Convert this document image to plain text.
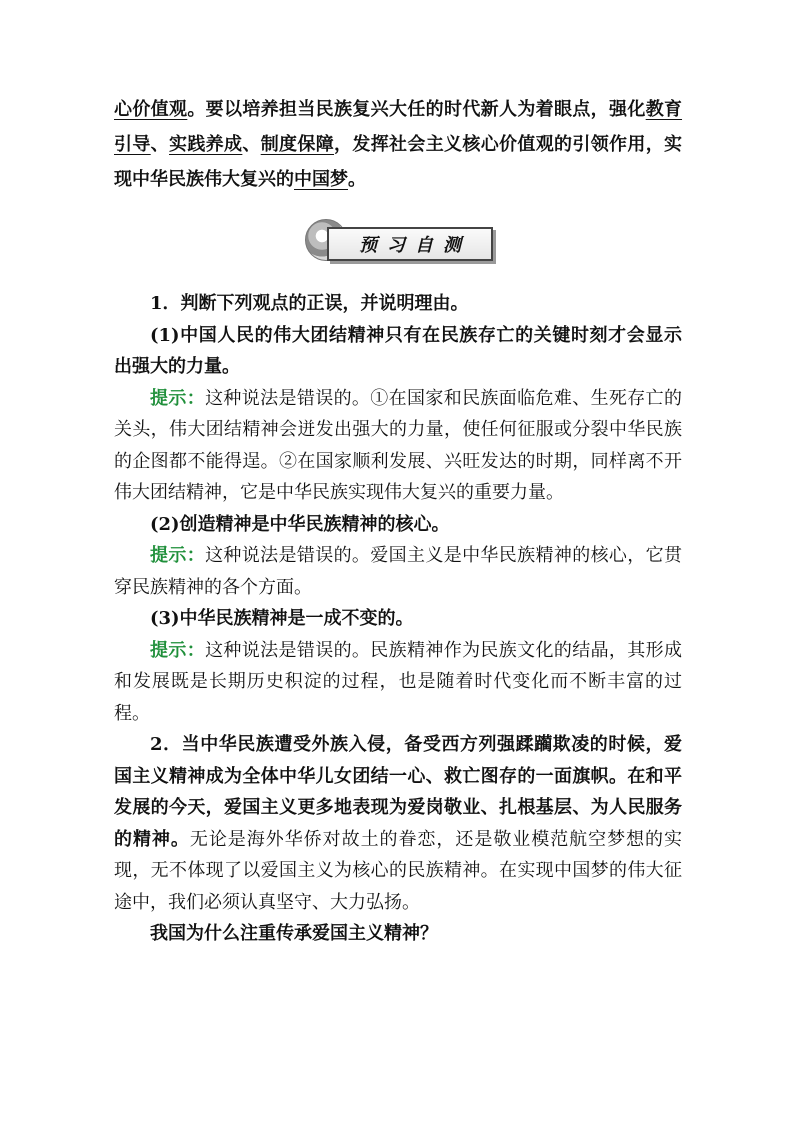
心价值观。要以培养担当民族复兴大任的时代新人为着眼点，强化教育引导、实践养成、制度保障，发挥社会主义核心价值观的引领作用，实现中华民族伟大复兴的中国梦。

预习自测

1．判断下列观点的正误，并说明理由。

(1)中国人民的伟大团结精神只有在民族存亡的关键时刻才会显示出强大的力量。

提示：这种说法是错误的。①在国家和民族面临危难、生死存亡的关头，伟大团结精神会迸发出强大的力量，使任何征服或分裂中华民族的企图都不能得逞。②在国家顺利发展、兴旺发达的时期，同样离不开伟大团结精神，它是中华民族实现伟大复兴的重要力量。

(2)创造精神是中华民族精神的核心。

提示：这种说法是错误的。爱国主义是中华民族精神的核心，它贯穿民族精神的各个方面。

(3)中华民族精神是一成不变的。

提示：这种说法是错误的。民族精神作为民族文化的结晶，其形成和发展既是长期历史积淀的过程，也是随着时代变化而不断丰富的过程。

2．当中华民族遭受外族入侵，备受西方列强蹂躏欺凌的时候，爱国主义精神成为全体中华儿女团结一心、救亡图存的一面旗帜。在和平发展的今天，爱国主义更多地表现为爱岗敬业、扎根基层、为人民服务的精神。无论是海外华侨对故土的眷恋，还是敬业模范航空梦想的实现，无不体现了以爱国主义为核心的民族精神。在实现中国梦的伟大征途中，我们必须认真坚守、大力弘扬。

我国为什么注重传承爱国主义精神？
